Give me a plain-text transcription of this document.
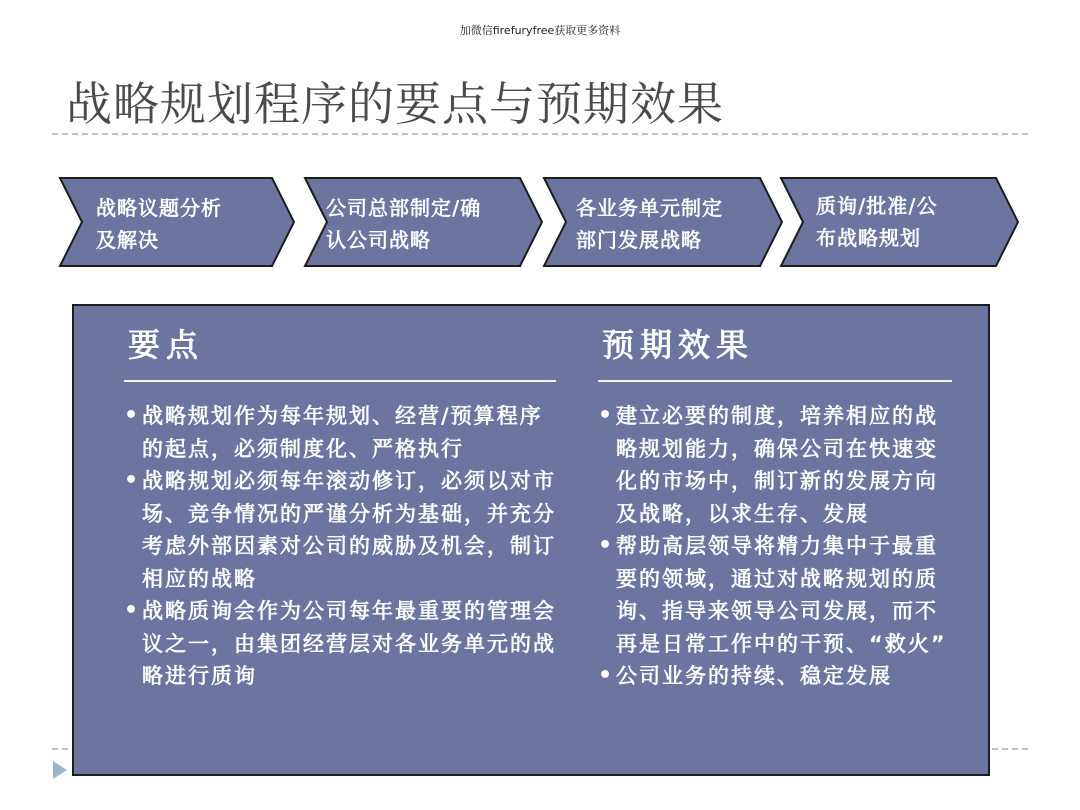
加微信firefuryfree获取更多资料
战略规划程序的要点与预期效果
战略议题分析
及解决
公司总部制定/确
认公司战略
各业务单元制定
部门发展战略
质询/批准/公
布战略规划
要点
• 战略规划作为每年规划、经营/预算程序的起点，必须制度化、严格执行
• 战略规划必须每年滚动修订，必须以对市场、竞争情况的严谨分析为基础，并充分考虑外部因素对公司的威胁及机会，制订相应的战略
• 战略质询会作为公司每年最重要的管理会议之一，由集团经营层对各业务单元的战略进行质询
预期效果
• 建立必要的制度，培养相应的战略规划能力，确保公司在快速变化的市场中，制订新的发展方向及战略，以求生存、发展
• 帮助高层领导将精力集中于最重要的领域，通过对战略规划的质询、指导来领导公司发展，而不再是日常工作中的干预、“救火”
• 公司业务的持续、稳定发展
